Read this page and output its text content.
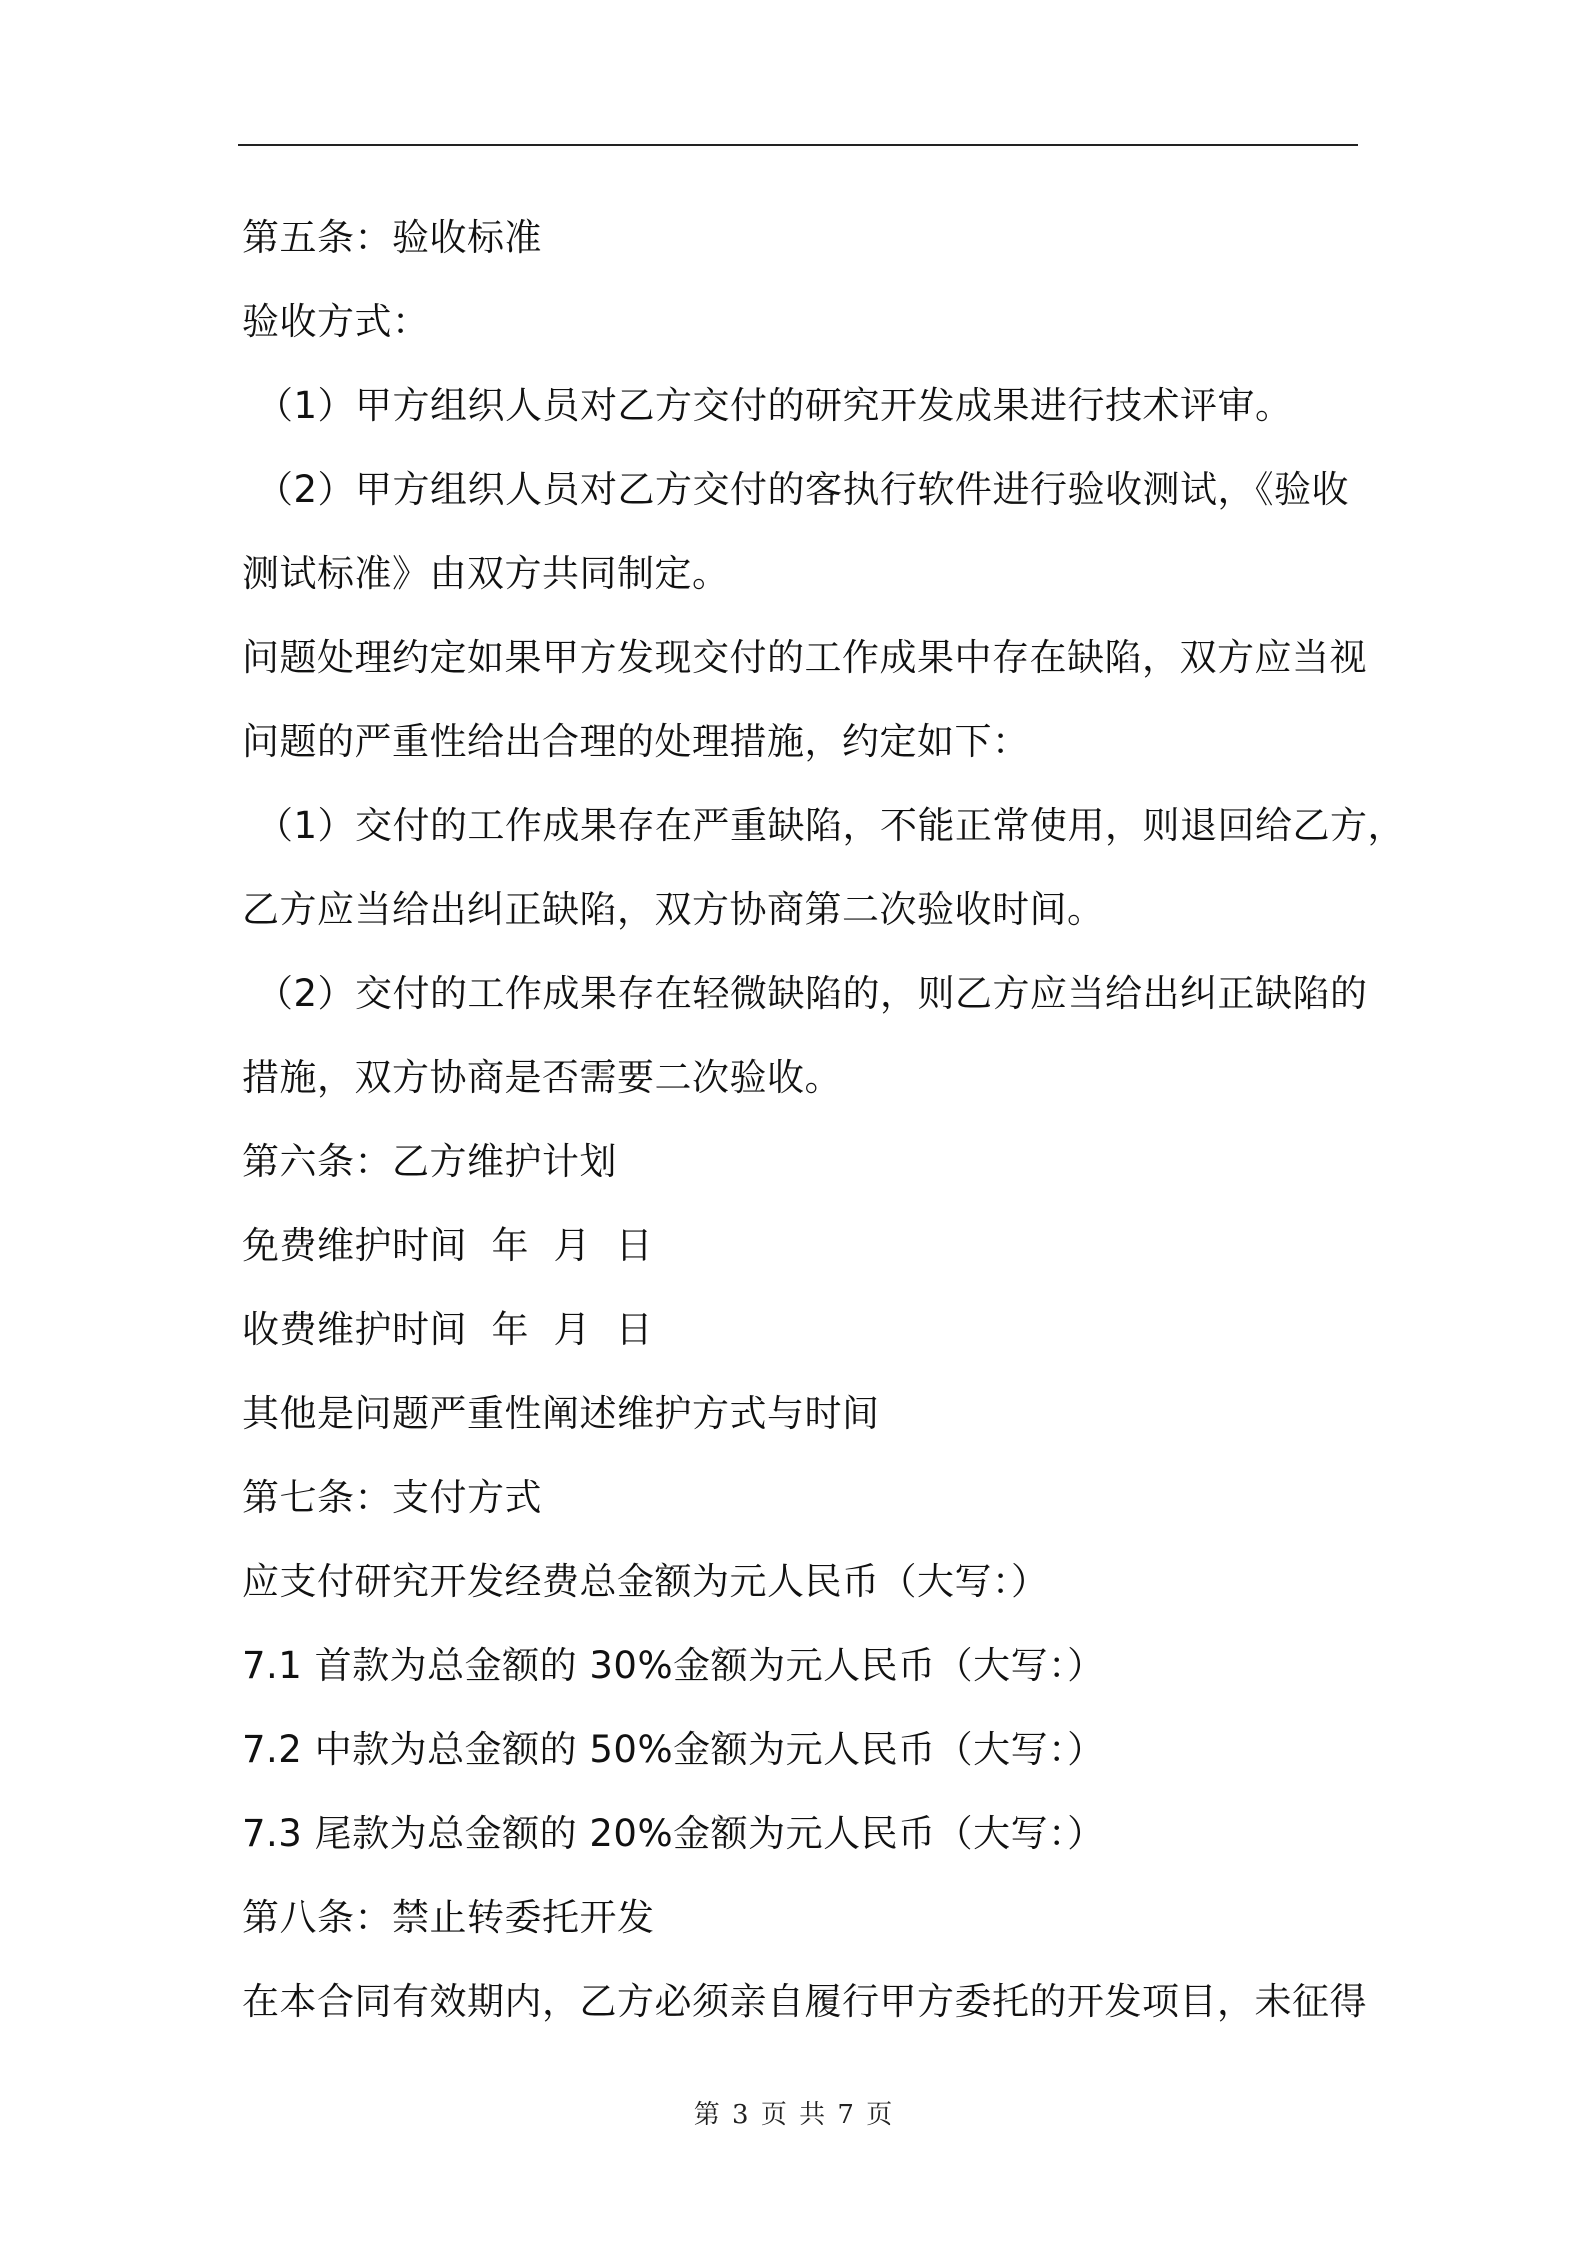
第五条：验收标准
验收方式：
（1）甲方组织人员对乙方交付的研究开发成果进行技术评审。
（2）甲方组织人员对乙方交付的客执行软件进行验收测试，《验收
测试标准》由双方共同制定。
问题处理约定如果甲方发现交付的工作成果中存在缺陷，双方应当视
问题的严重性给出合理的处理措施，约定如下：
（1）交付的工作成果存在严重缺陷，不能正常使用，则退回给乙方，
乙方应当给出纠正缺陷，双方协商第二次验收时间。
（2）交付的工作成果存在轻微缺陷的，则乙方应当给出纠正缺陷的
措施，双方协商是否需要二次验收。
第六条：乙方维护计划
免费维护时间  年  月  日
收费维护时间  年  月  日
其他是问题严重性阐述维护方式与时间
第七条：支付方式
应支付研究开发经费总金额为元人民币（大写：）
7.1 首款为总金额的 30%金额为元人民币（大写：）
7.2 中款为总金额的 50%金额为元人民币（大写：）
7.3 尾款为总金额的 20%金额为元人民币（大写：）
第八条：禁止转委托开发
在本合同有效期内，乙方必须亲自履行甲方委托的开发项目，未征得
第 3 页 共 7 页
